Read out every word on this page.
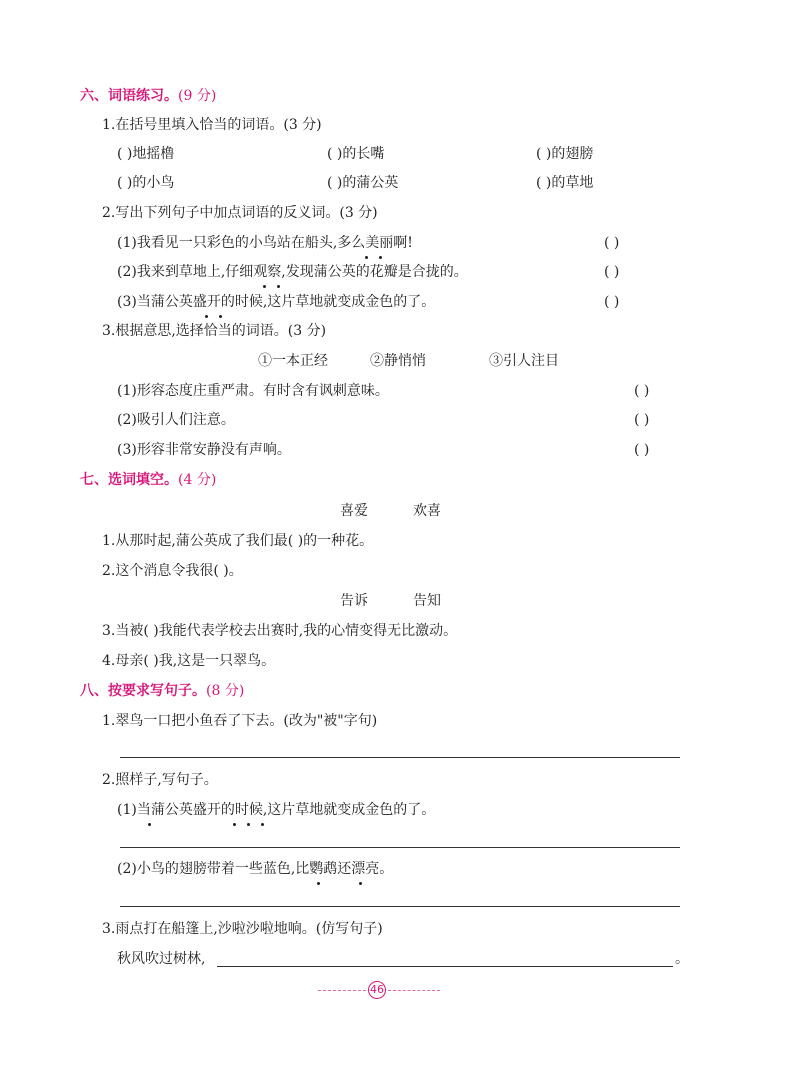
六、词语练习。(9 分)
1.在括号里填入恰当的词语。(3 分)
( )地摇橹	( )的长嘴	( )的翅膀
( )的小鸟	( )的蒲公英	( )的草地
2.写出下列句子中加点词语的反义词。(3 分)
(1)我看见一只彩色的小鸟站在船头,多么美丽啊!	( )
(2)我来到草地上,仔细观察,发现蒲公英的花瓣是合拢的。	( )
(3)当蒲公英盛开的时候,这片草地就变成金色的了。	( )
3.根据意思,选择恰当的词语。(3 分)
①一本正经	②静悄悄	③引人注目
(1)形容态度庄重严肃。有时含有讽刺意味。	( )
(2)吸引人们注意。	( )
(3)形容非常安静没有声响。	( )
七、选词填空。(4 分)
喜爱	欢喜
1.从那时起,蒲公英成了我们最( )的一种花。
2.这个消息令我很( )。
告诉	告知
3.当被( )我能代表学校去出赛时,我的心情变得无比激动。
4.母亲( )我,这是一只翠鸟。
八、按要求写句子。(8 分)
1.翠鸟一口把小鱼吞了下去。(改为"被"字句)
2.照样子,写句子。
(1)当蒲公英盛开的时候,这片草地就变成金色的了。
(2)小鸟的翅膀带着一些蓝色,比鹦鹉还漂亮。
3.雨点打在船篷上,沙啦沙啦地响。(仿写句子)
秋风吹过树林,	。
46
